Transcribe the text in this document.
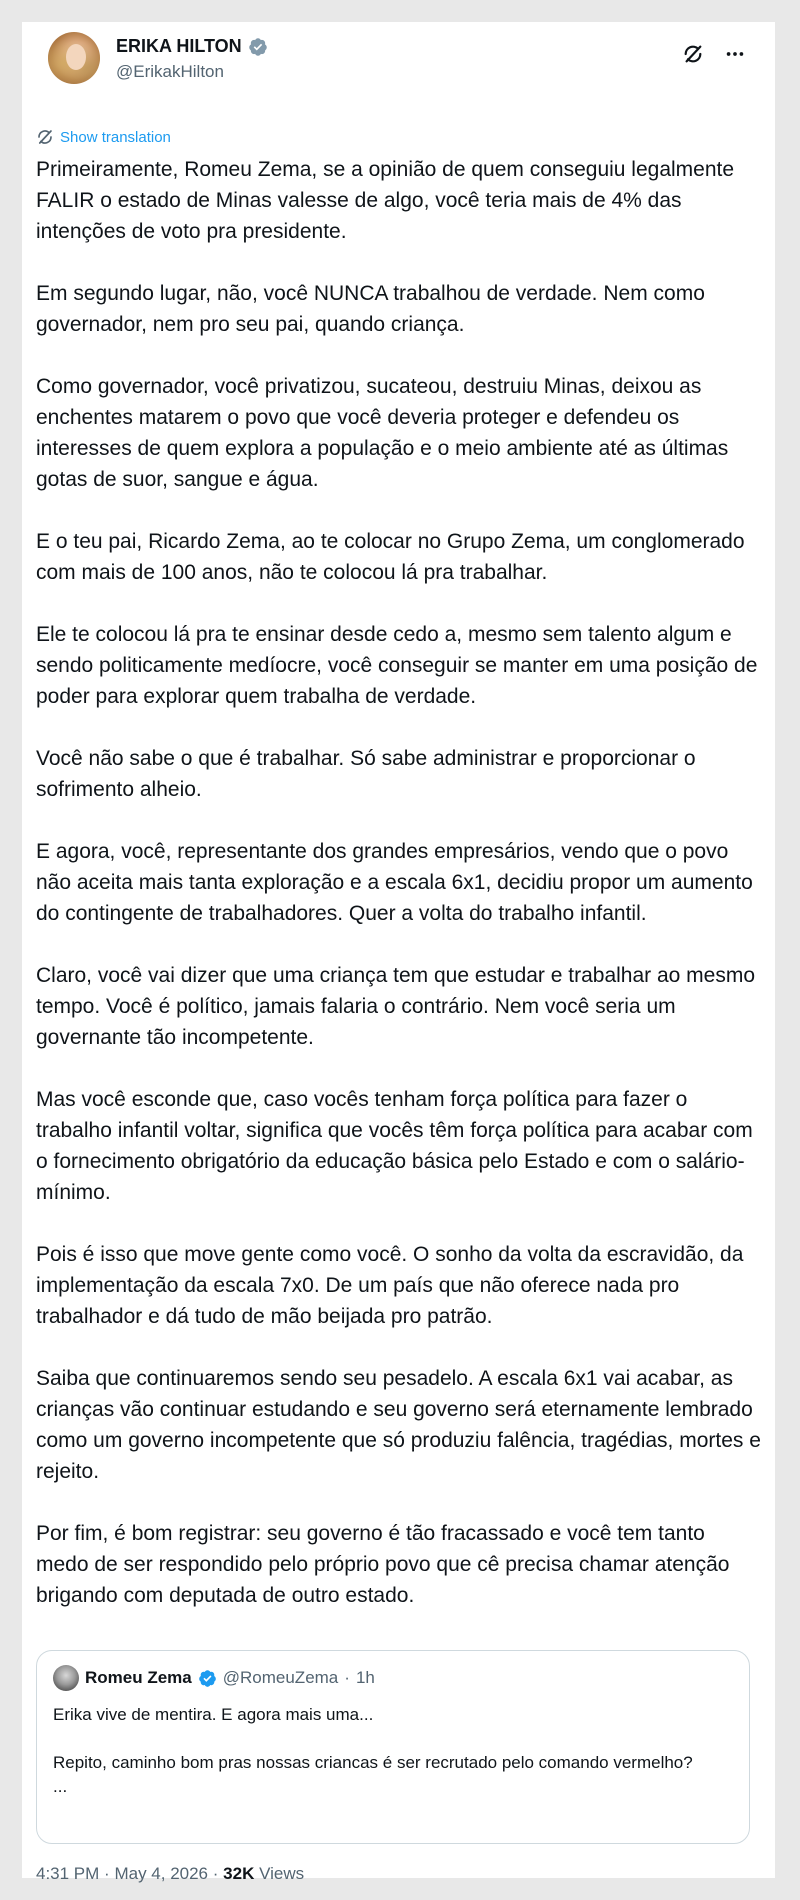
ERIKA HILTON
@ErikakHilton
Show translation

Primeiramente, Romeu Zema, se a opinião de quem conseguiu legalmente FALIR o estado de Minas valesse de algo, você teria mais de 4% das intenções de voto pra presidente.

Em segundo lugar, não, você NUNCA trabalhou de verdade. Nem como governador, nem pro seu pai, quando criança.

Como governador, você privatizou, sucateou, destruiu Minas, deixou as enchentes matarem o povo que você deveria proteger e defendeu os interesses de quem explora a população e o meio ambiente até as últimas gotas de suor, sangue e água.

E o teu pai, Ricardo Zema, ao te colocar no Grupo Zema, um conglomerado com mais de 100 anos, não te colocou lá pra trabalhar.

Ele te colocou lá pra te ensinar desde cedo a, mesmo sem talento algum e sendo politicamente medíocre, você conseguir se manter em uma posição de poder para explorar quem trabalha de verdade.

Você não sabe o que é trabalhar. Só sabe administrar e proporcionar o sofrimento alheio.

E agora, você, representante dos grandes empresários, vendo que o povo não aceita mais tanta exploração e a escala 6x1, decidiu propor um aumento do contingente de trabalhadores. Quer a volta do trabalho infantil.

Claro, você vai dizer que uma criança tem que estudar e trabalhar ao mesmo tempo. Você é político, jamais falaria o contrário. Nem você seria um governante tão incompetente.

Mas você esconde que, caso vocês tenham força política para fazer o trabalho infantil voltar, significa que vocês têm força política para acabar com o fornecimento obrigatório da educação básica pelo Estado e com o salário-mínimo.

Pois é isso que move gente como você. O sonho da volta da escravidão, da implementação da escala 7x0. De um país que não oferece nada pro trabalhador e dá tudo de mão beijada pro patrão.

Saiba que continuaremos sendo seu pesadelo. A escala 6x1 vai acabar, as crianças vão continuar estudando e seu governo será eternamente lembrado como um governo incompetente que só produziu falência, tragédias, mortes e rejeito.

Por fim, é bom registrar: seu governo é tão fracassado e você tem tanto medo de ser respondido pelo próprio povo que cê precisa chamar atenção brigando com deputada de outro estado.

Romeu Zema @RomeuZema · 1h

Erika vive de mentira. E agora mais uma...

Repito, caminho bom pras nossas criancas é ser recrutado pelo comando vermelho?

...

4:31 PM · May 4, 2026 · 32K Views
